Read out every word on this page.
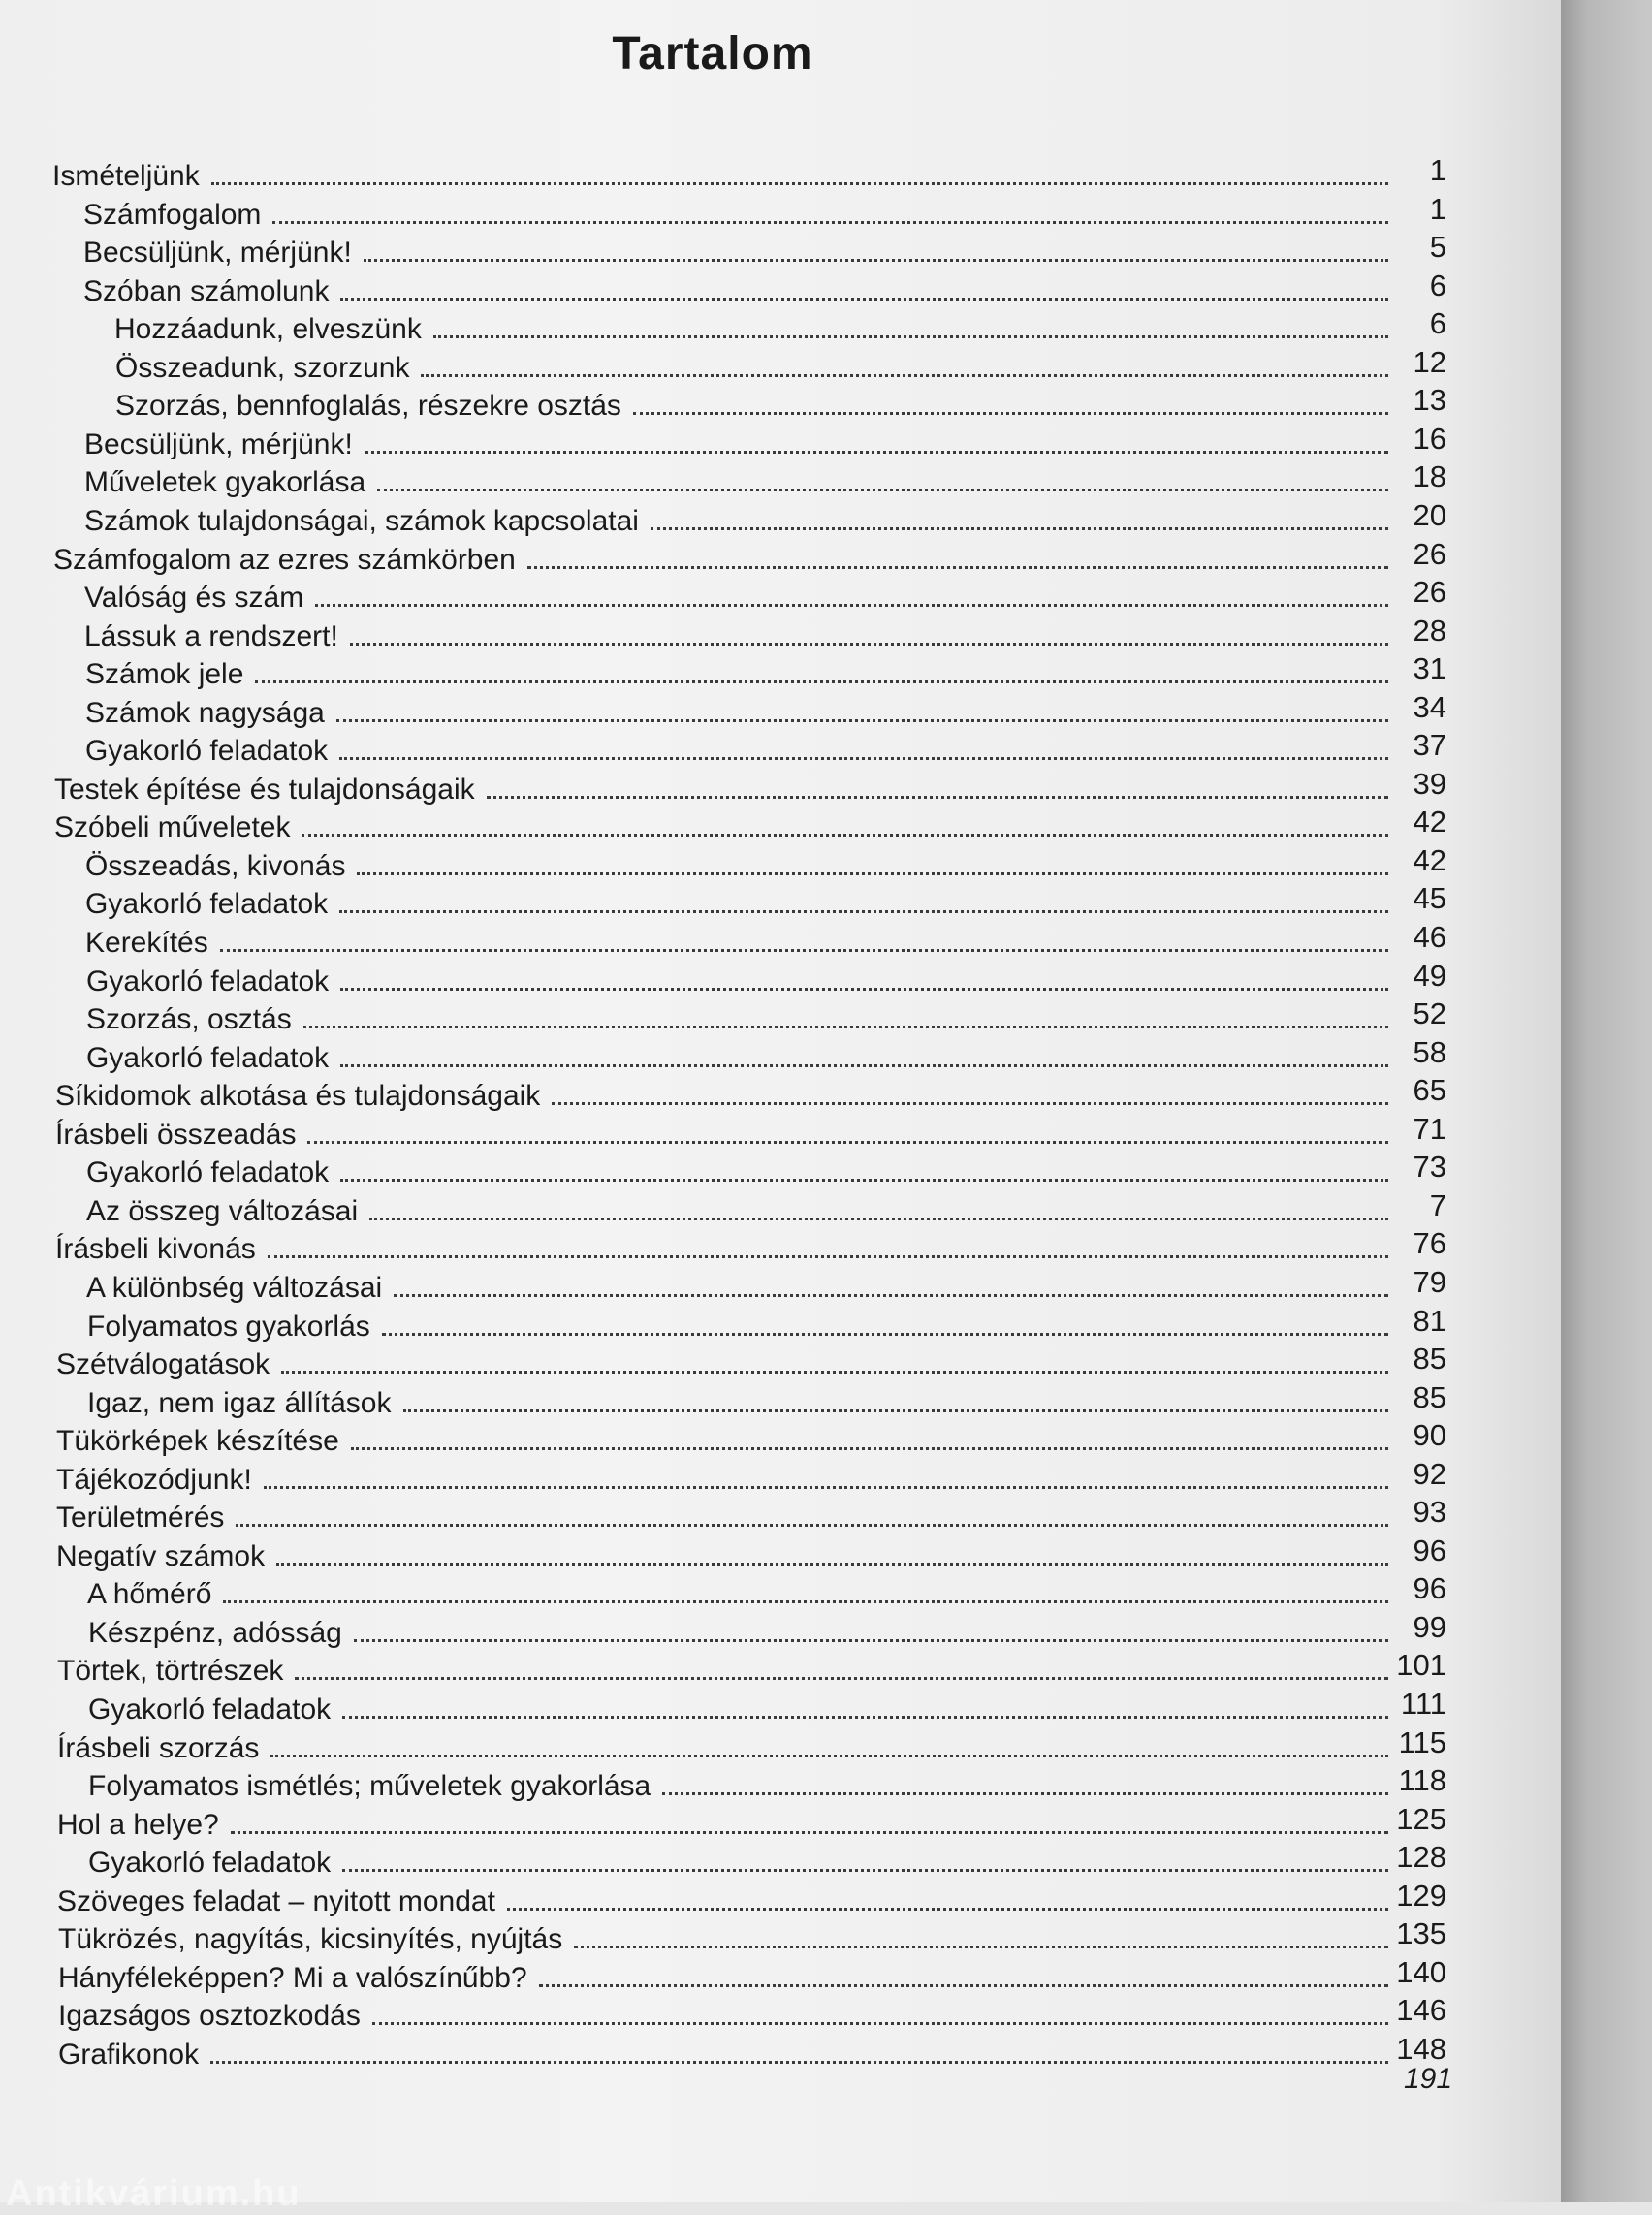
Tartalom
Ismételjünk	1
Számfogalom	1
Becsüljünk, mérjünk!	5
Szóban számolunk	6
Hozzáadunk, elveszünk	6
Összeadunk, szorzunk	12
Szorzás, bennfoglalás, részekre osztás	13
Becsüljünk, mérjünk!	16
Műveletek gyakorlása	18
Számok tulajdonságai, számok kapcsolatai	20
Számfogalom az ezres számkörben	26
Valóság és szám	26
Lássuk a rendszert!	28
Számok jele	31
Számok nagysága	34
Gyakorló feladatok	37
Testek építése és tulajdonságaik	39
Szóbeli műveletek	42
Összeadás, kivonás	42
Gyakorló feladatok	45
Kerekítés	46
Gyakorló feladatok	49
Szorzás, osztás	52
Gyakorló feladatok	58
Síkidomok alkotása és tulajdonságaik	65
Írásbeli összeadás	71
Gyakorló feladatok	73
Az összeg változásai	7
Írásbeli kivonás	76
A különbség változásai	79
Folyamatos gyakorlás	81
Szétválogatások	85
Igaz, nem igaz állítások	85
Tükörképek készítése	90
Tájékozódjunk!	92
Területmérés	93
Negatív számok	96
A hőmérő	96
Készpénz, adósság	99
Törtek, törtrészek	101
Gyakorló feladatok	111
Írásbeli szorzás	115
Folyamatos ismétlés; műveletek gyakorlása	118
Hol a helye?	125
Gyakorló feladatok	128
Szöveges feladat – nyitott mondat	129
Tükrözés, nagyítás, kicsinyítés, nyújtás	135
Hányféleképpen? Mi a valószínűbb?	140
Igazságos osztozkodás	146
Grafikonok	148
191
Antikvárium.hu
